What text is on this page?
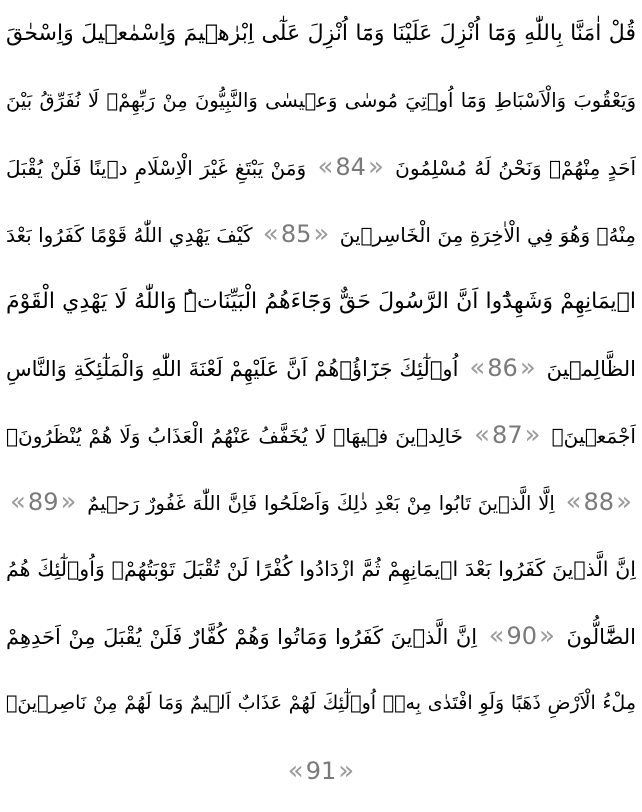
قُلْ اٰمَنَّا بِاللّٰهِ وَمَٓا اُنْزِلَ عَلَيْنَا وَمَٓا اُنْزِلَ عَلٰٓى اِبْرٰه۪يمَ وَاِسْمٰع۪يلَ وَاِسْحٰقَ
وَيَعْقُوبَ وَالْاَسْبَاطِ وَمَٓا اُو۫تِيَ مُوسٰى وَع۪يسٰى وَالنَّبِيُّونَ مِنْ رَبِّهِمْۖ لَا نُفَرِّقُ بَيْنَ
اَحَدٍ مِنْهُمْۘ وَنَحْنُ لَهُ مُسْلِمُونَ «84» وَمَنْ يَبْتَغِ غَيْرَ الْاِسْلَامِ د۪ينًا فَلَنْ يُقْبَلَ
مِنْهُۚ وَهُوَ فِي الْاٰخِرَةِ مِنَ الْخَاسِر۪ينَ «85» كَيْفَ يَهْدِي اللّٰهُ قَوْمًا كَفَرُوا بَعْدَ
ا۪يمَانِهِمْ وَشَهِدُٓوا اَنَّ الرَّسُولَ حَقٌّ وَجَٓاءَهُمُ الْبَيِّنَاتُۜ وَاللّٰهُ لَا يَهْدِي الْقَوْمَ
الظَّالِم۪ينَ «86» اُو۬لٰٓئِكَ جَزَٓاؤُ۬هُمْ اَنَّ عَلَيْهِمْ لَعْنَةَ اللّٰهِ وَالْمَلٰٓئِكَةِ وَالنَّاسِ
اَجْمَع۪ينَۙ «87» خَالِد۪ينَ ف۪يهَاۚ لَا يُخَفَّفُ عَنْهُمُ الْعَذَابُ وَلَا هُمْ يُنْظَرُونَۙ
«88» اِلَّا الَّذ۪ينَ تَابُوا مِنْ بَعْدِ ذٰلِكَ وَاَصْلَحُوا فَاِنَّ اللّٰهَ غَفُورٌ رَح۪يمٌ «89»
اِنَّ الَّذ۪ينَ كَفَرُوا بَعْدَ ا۪يمَانِهِمْ ثُمَّ ازْدَادُوا كُفْرًا لَنْ تُقْبَلَ تَوْبَتُهُمْۚ وَاُو۬لٰٓئِكَ هُمُ
الضَّٓالُّونَ «90» اِنَّ الَّذ۪ينَ كَفَرُوا وَمَاتُوا وَهُمْ كُفَّارٌ فَلَنْ يُقْبَلَ مِنْ اَحَدِهِمْ
مِلْءُ الْاَرْضِ ذَهَبًا وَلَوِ افْتَدٰى بِه۪ۜ اُو۬لٰٓئِكَ لَهُمْ عَذَابٌ اَل۪يمٌ وَمَا لَهُمْ مِنْ نَاصِر۪ينَ۟
«91»
